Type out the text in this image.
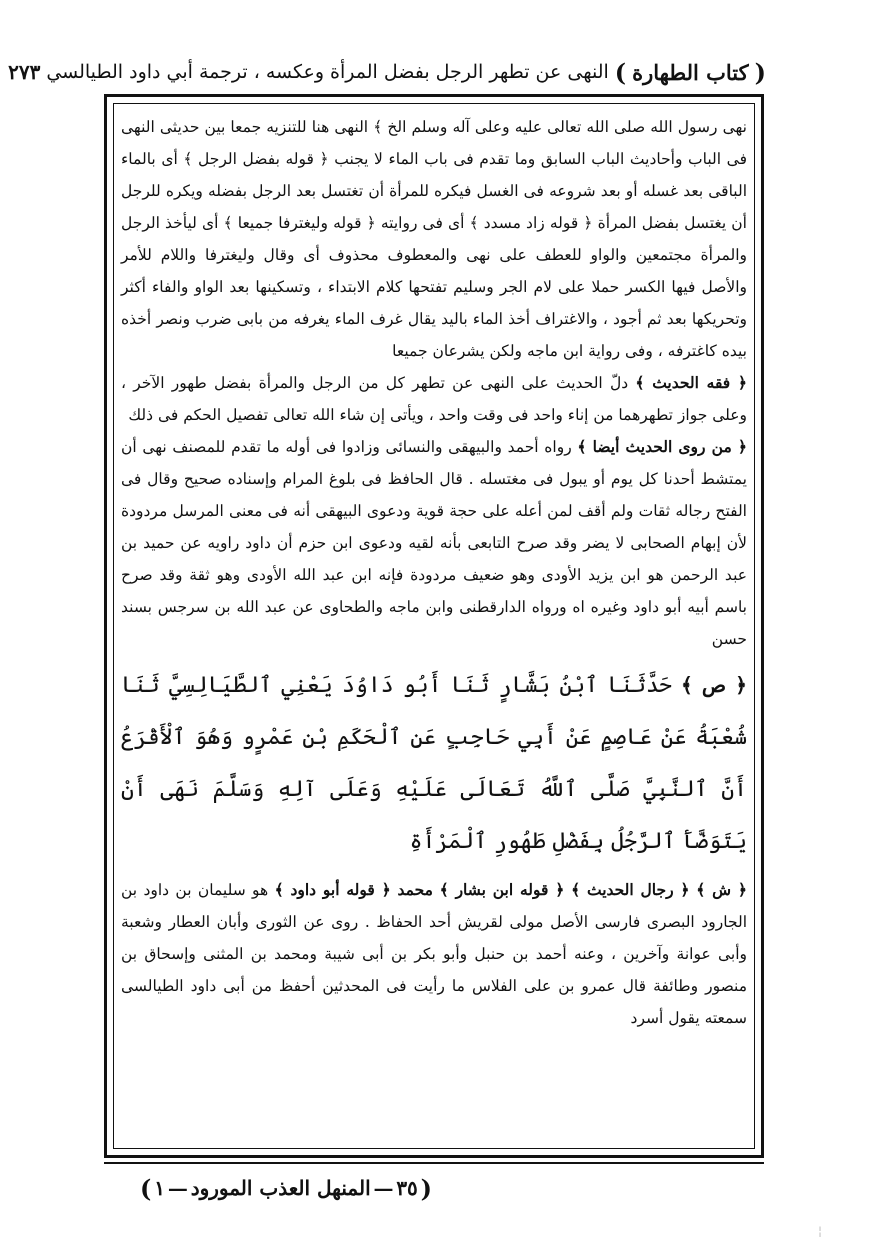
(
كتاب الطهارة
)
النهى عن تطهر الرجل بفضل المرأة وعكسه ، ترجمة أبي داود الطيالسي
٢٧٣

نهى رسول الله صلى الله تعالى عليه وعلى آله وسلم الخ ﴾ النهى هنا للتنزيه جمعا بين حديثى النهى فى الباب وأحاديث الباب السابق وما تقدم فى باب الماء لا يجنب ﴿ قوله بفضل الرجل ﴾ أى بالماء الباقى بعد غسله أو بعد شروعه فى الغسل فيكره للمرأة أن تغتسل بعد الرجل بفضله ويكره للرجل أن يغتسل بفضل المرأة ﴿ قوله زاد مسدد ﴾ أى فى روايته ﴿ قوله وليغترفا جميعا ﴾ أى ليأخذ الرجل والمرأة مجتمعين والواو للعطف على نهى والمعطوف محذوف أى وقال وليغترفا واللام للأمر والأصل فيها الكسر حملا على لام الجر وسليم تفتحها كلام الابتداء ، وتسكينها بعد الواو والفاء أكثر وتحريكها بعد ثم أجود ، والاغتراف أخذ الماء باليد يقال غرف الماء يغرفه من بابى ضرب ونصر أخذه بيده كاغترفه ، وفى رواية ابن ماجه ولكن يشرعان جميعا

﴿ فقه الحديث ﴾ دلّ الحديث على النهى عن تطهر كل من الرجل والمرأة بفضل طهور الآخر ، وعلى جواز تطهرهما من إناء واحد فى وقت واحد ، ويأتى إن شاء الله تعالى تفصيل الحكم فى ذلك

﴿ من روى الحديث أيضا ﴾ رواه أحمد والبيهقى والنسائى وزادوا فى أوله ما تقدم للمصنف نهى أن يمتشط أحدنا كل يوم أو يبول فى مغتسله . قال الحافظ فى بلوغ المرام وإسناده صحيح وقال فى الفتح رجاله ثقات ولم أقف لمن أعله على حجة قوية ودعوى البيهقى أنه فى معنى المرسل مردودة لأن إبهام الصحابى لا يضر وقد صرح التابعى بأنه لقيه ودعوى ابن حزم أن داود راويه عن حميد بن عبد الرحمن هو ابن يزيد الأودى وهو ضعيف مردودة فإنه ابن عبد الله الأودى وهو ثقة وقد صرح باسم أبيه أبو داود وغيره اه ورواه الدارقطنى وابن ماجه والطحاوى عن عبد الله بن سرجس بسند حسن

﴿ ص ﴾ حَدَّثَنَا ٱبْنُ بَشَّارٍ ثَنَا أَبُو دَاوُدَ يَعْنِي ٱلطَّيَالِسِيَّ ثَنَا شُعْبَةُ عَنْ عَاصِمٍ عَنْ أَبِي حَاجِبٍ عَنِ ٱلْحَكَمِ بْنِ عَمْرٍو وَهُوَ ٱلْأَقْرَعُ أَنَّ ٱلنَّبِيَّ صَلَّى ٱللَّهُ تَعَالَى عَلَيْهِ وَعَلَى آلِهِ وَسَلَّمَ نَهَى أَنْ يَتَوَضَّأَ ٱلرَّجُلُ بِفَضْلِ طَهُورِ ٱلْمَرْأَةِ

﴿ ش ﴾ ﴿ رجال الحديث ﴾ ﴿ قوله ابن بشار ﴾ محمد ﴿ قوله أبو داود ﴾ هو سليمان بن داود بن الجارود البصرى فارسى الأصل مولى لقريش أحد الحفاظ . روى عن الثورى وأبان العطار وشعبة وأبى عوانة وآخرين ، وعنه أحمد بن حنبل وأبو بكر بن أبى شيبة ومحمد بن المثنى وإسحاق بن منصور وطائفة قال عمرو بن على الفلاس ما رأيت فى المحدثين أحفظ من أبى داود الطيالسى سمعته يقول أسرد

(
٣٥
—
المنهل العذب المورود
—
١
)
¦
